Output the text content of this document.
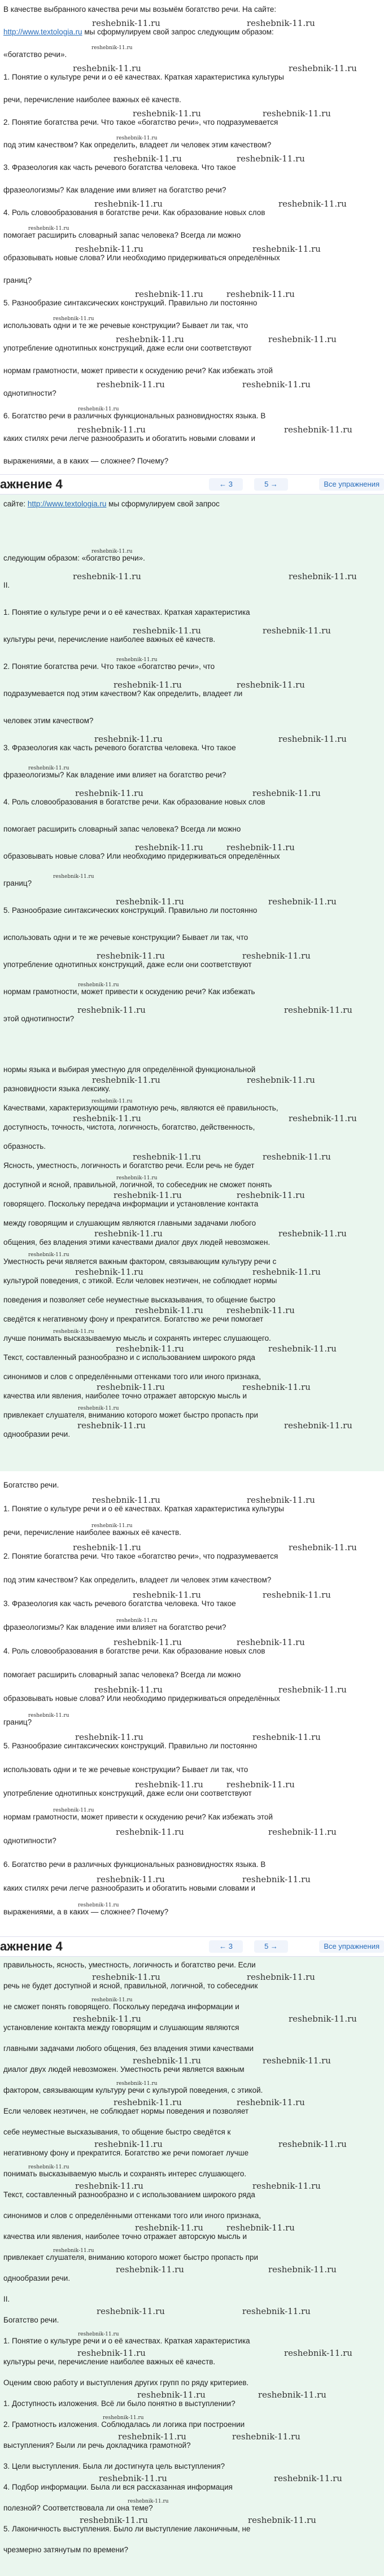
В качестве выбранного качества речи мы возьмём богатство речи. На сайте:
http://www.textologia.ru мы сформулируем свой запрос следующим образом:
reshebnik-11.ru	reshebnik-11.ru
«богатство речи».
reshebnik-11.ru
1. Понятие о культуре речи и о её качествах. Краткая характеристика культуры
reshebnik-11.ru	reshebnik-11.ru
речи, перечисление наиболее важных её качеств.
2. Понятие богатства речи. Что такое «богатство речи», что подразумевается
reshebnik-11.ru	reshebnik-11.ru
под этим качеством? Как определить, владеет ли человек этим качеством?
reshebnik-11.ru
3. Фразеология как часть речевого богатства человека. Что такое
reshebnik-11.ru	reshebnik-11.ru
фразеологизмы? Как владение ими влияет на богатство речи?
4. Роль словообразования в богатстве речи. Как образование новых слов
reshebnik-11.ru	reshebnik-11.ru
помогает расширить словарный запас человека? Всегда ли можно
reshebnik-11.ru
образовывать новые слова? Или необходимо придерживаться определённых
reshebnik-11.ru	reshebnik-11.ru
границ?
5. Разнообразие синтаксических конструкций. Правильно ли постоянно
reshebnik-11.ru	reshebnik-11.ru
использовать одни и те же речевые конструкции? Бывает ли так, что
reshebnik-11.ru
употребление однотипных конструкций, даже если они соответствуют
reshebnik-11.ru	reshebnik-11.ru
нормам грамотности, может привести к оскудению речи? Как избежать этой
однотипности?
reshebnik-11.ru	reshebnik-11.ru
6. Богатство речи в различных функциональных разновидностях языка. В
reshebnik-11.ru
каких стилях речи легче разнообразить и обогатить новыми словами и
reshebnik-11.ru	reshebnik-11.ru
выражениями, а в каких — сложнее? Почему?
ажнение 4	← 3	5 →	Все упражнения
сайте: http://www.textologia.ru мы сформулируем свой запрос
следующим образом: «богатство речи».
reshebnik-11.ru
II.
reshebnik-11.ru	reshebnik-11.ru
1. Понятие о культуре речи и о её качествах. Краткая характеристика
культуры речи, перечисление наиболее важных её качеств.
reshebnik-11.ru	reshebnik-11.ru
2. Понятие богатства речи. Что такое «богатство речи», что
reshebnik-11.ru
подразумевается под этим качеством? Как определить, владеет ли
reshebnik-11.ru	reshebnik-11.ru
человек этим качеством?
3. Фразеология как часть речевого богатства человека. Что такое
reshebnik-11.ru	reshebnik-11.ru
фразеологизмы? Как владение ими влияет на богатство речи?
reshebnik-11.ru
4. Роль словообразования в богатстве речи. Как образование новых слов
reshebnik-11.ru	reshebnik-11.ru
помогает расширить словарный запас человека? Всегда ли можно
образовывать новые слова? Или необходимо придерживаться определённых
reshebnik-11.ru	reshebnik-11.ru
границ?
reshebnik-11.ru
5. Разнообразие синтаксических конструкций. Правильно ли постоянно
reshebnik-11.ru	reshebnik-11.ru
использовать одни и те же речевые конструкции? Бывает ли так, что
употребление однотипных конструкций, даже если они соответствуют
reshebnik-11.ru	reshebnik-11.ru
нормам грамотности, может привести к оскудению речи? Как избежать
reshebnik-11.ru
этой однотипности?
reshebnik-11.ru	reshebnik-11.ru
нормы языка и выбирая уместную для определённой функциональной
разновидности языка лексику.
reshebnik-11.ru	reshebnik-11.ru
Качествами, характеризующими грамотную речь, являются её правильность,
reshebnik-11.ru
доступность, точность, чистота, логичность, богатство, действенность,
reshebnik-11.ru	reshebnik-11.ru
образность.
Ясность, уместность, логичность и богатство речи. Если речь не будет
reshebnik-11.ru	reshebnik-11.ru
доступной и ясной, правильной, логичной, то собеседник не сможет понять
reshebnik-11.ru
говорящего. Поскольку передача информации и установление контакта
reshebnik-11.ru	reshebnik-11.ru
между говорящим и слушающим являются главными задачами любого
общения, без владения этими качествами диалог двух людей невозможен.
reshebnik-11.ru	reshebnik-11.ru
Уместность речи является важным фактором, связывающим культуру речи с
reshebnik-11.ru
культурой поведения, с этикой. Если человек неэтичен, не соблюдает нормы
reshebnik-11.ru	reshebnik-11.ru
поведения и позволяет себе неуместные высказывания, то общение быстро
сведётся к негативному фону и прекратится. Богатство же речи помогает
reshebnik-11.ru	reshebnik-11.ru
лучше понимать высказываемую мысль и сохранять интерес слушающего.
reshebnik-11.ru
Текст, составленный разнообразно и с использованием широкого ряда
reshebnik-11.ru	reshebnik-11.ru
синонимов и слов с определёнными оттенками того или иного признака,
качества или явления, наиболее точно отражает авторскую мысль и
reshebnik-11.ru	reshebnik-11.ru
привлекает слушателя, вниманию которого может быстро пропасть при
reshebnik-11.ru
однообразии речи.
reshebnik-11.ru	reshebnik-11.ru
Богатство речи.
1. Понятие о культуре речи и о её качествах. Краткая характеристика культуры
reshebnik-11.ru	reshebnik-11.ru
речи, перечисление наиболее важных её качеств.
reshebnik-11.ru
2. Понятие богатства речи. Что такое «богатство речи», что подразумевается
reshebnik-11.ru	reshebnik-11.ru
под этим качеством? Как определить, владеет ли человек этим качеством?
3. Фразеология как часть речевого богатства человека. Что такое
reshebnik-11.ru	reshebnik-11.ru
фразеологизмы? Как владение ими влияет на богатство речи?
reshebnik-11.ru
4. Роль словообразования в богатстве речи. Как образование новых слов
reshebnik-11.ru	reshebnik-11.ru
помогает расширить словарный запас человека? Всегда ли можно
образовывать новые слова? Или необходимо придерживаться определённых
reshebnik-11.ru	reshebnik-11.ru
границ?
reshebnik-11.ru
5. Разнообразие синтаксических конструкций. Правильно ли постоянно
reshebnik-11.ru	reshebnik-11.ru
использовать одни и те же речевые конструкции? Бывает ли так, что
употребление однотипных конструкций, даже если они соответствуют
reshebnik-11.ru	reshebnik-11.ru
нормам грамотности, может привести к оскудению речи? Как избежать этой
reshebnik-11.ru
однотипности?
reshebnik-11.ru	reshebnik-11.ru
6. Богатство речи в различных функциональных разновидностях языка. В
каких стилях речи легче разнообразить и обогатить новыми словами и
reshebnik-11.ru	reshebnik-11.ru
выражениями, а в каких — сложнее? Почему?
reshebnik-11.ru
ажнение 4	← 3	5 →	Все упражнения
правильность, ясность, уместность, логичность и богатство речи. Если
речь не будет доступной и ясной, правильной, логичной, то собеседник
reshebnik-11.ru	reshebnik-11.ru
не сможет понять говорящего. Поскольку передача информации и
reshebnik-11.ru
установление контакта между говорящим и слушающим являются
reshebnik-11.ru	reshebnik-11.ru
главными задачами любого общения, без владения этими качествами
диалог двух людей невозможен. Уместность речи является важным
reshebnik-11.ru	reshebnik-11.ru
фактором, связывающим культуру речи с культурой поведения, с этикой.
reshebnik-11.ru
Если человек неэтичен, не соблюдает нормы поведения и позволяет
reshebnik-11.ru	reshebnik-11.ru
себе неуместные высказывания, то общение быстро сведётся к
негативному фону и прекратится. Богатство же речи помогает лучше
reshebnik-11.ru	reshebnik-11.ru
понимать высказываемую мысль и сохранять интерес слушающего.
reshebnik-11.ru
Текст, составленный разнообразно и с использованием широкого ряда
reshebnik-11.ru	reshebnik-11.ru
синонимов и слов с определёнными оттенками того или иного признака,
качества или явления, наиболее точно отражает авторскую мысль и
reshebnik-11.ru	reshebnik-11.ru
привлекает слушателя, вниманию которого может быстро пропасть при
reshebnik-11.ru
однообразии речи.
reshebnik-11.ru	reshebnik-11.ru
II.
Богатство речи.
reshebnik-11.ru	reshebnik-11.ru
1. Понятие о культуре речи и о её качествах. Краткая характеристика
reshebnik-11.ru
культуры речи, перечисление наиболее важных её качеств.
reshebnik-11.ru	reshebnik-11.ru
Оценим свою работу и выступления других групп по ряду критериев.
1. Доступность изложения. Всё ли было понятно в выступлении?
reshebnik-11.ru	reshebnik-11.ru
2. Грамотность изложения. Соблюдалась ли логика при построении
reshebnik-11.ru
выступления? Были ли речь докладчика грамотной?
reshebnik-11.ru	reshebnik-11.ru
3. Цели выступления. Была ли достигнута цель выступления?
4. Подбор информации. Была ли вся рассказанная информация
reshebnik-11.ru	reshebnik-11.ru
полезной? Соответствовала ли она теме?
reshebnik-11.ru
5. Лаконичность выступления. Было ли выступление лаконичным, не
reshebnik-11.ru	reshebnik-11.ru
чрезмерно затянутым по времени?
